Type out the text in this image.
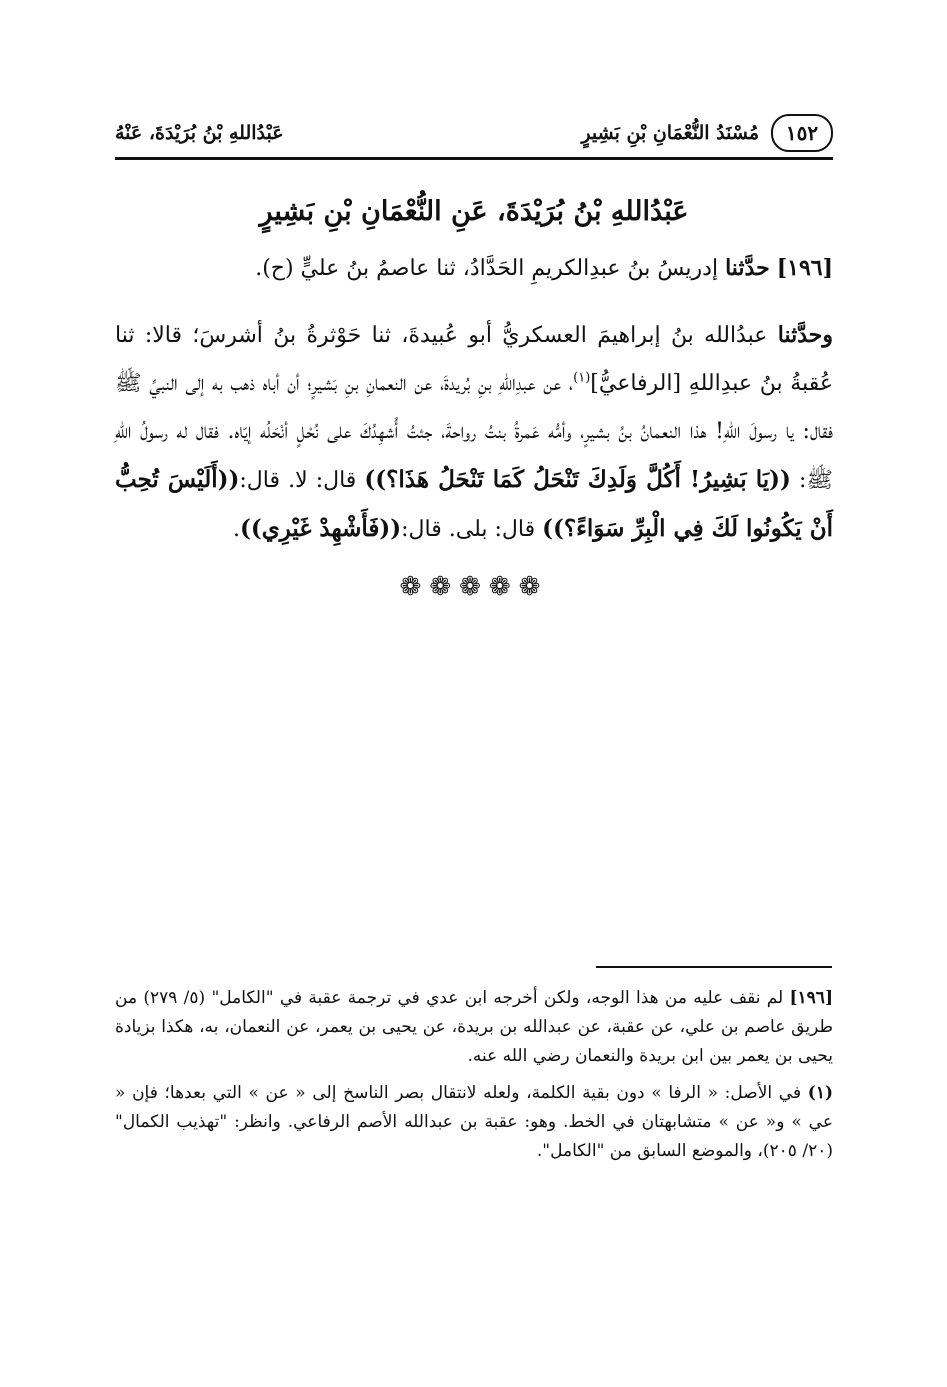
١٥٢
مُسْنَدُ النُّعْمَانِ بْنِ بَشِيرٍ
عَبْدُاللهِ بْنُ بُرَيْدَةَ، عَنْهُ
عَبْدُاللهِ بْنُ بُرَيْدَةَ، عَنِ النُّعْمَانِ بْنِ بَشِيرٍ

[١٩٦] حدَّثنا إدريسُ بنُ عبدِالكريمِ الحَدَّادُ، ثنا عاصمُ بنُ عليٍّ (ح).

وحدَّثنا عبدُالله بنُ إبراهيمَ العسكريُّ أبو عُبيدةَ، ثنا حَوْثرةُ بنُ أشرسَ؛ قالا: ثنا عُقبةُ بنُ عبدِاللهِ [الرفاعيُّ]$^{(١)}$، عن عبدِاللهِ بنِ بُريدةَ، عن النعمانِ بنِ بَشيرٍ؛ أن أباه ذهب به إلى النبيِّ ﷺ فقال: يا رسولَ اللهِ! هذا النعمانُ بنُ بشيرٍ، وأمُّه عَمرةُ بنتُ رواحةَ، جئتُ أُشهِدُكَ على نُحْلٍ أنْحَلُه إيّاه. فقال له رسولُ اللهِ ﷺ: ((يَا بَشِيرُ! أَكُلَّ وَلَدِكَ تَنْحَلُ كَمَا تَنْحَلُ هَذَا؟)) قال: لا. قال:((أَلَيْسَ تُحِبُّ أَنْ يَكُونُوا لَكَ فِي الْبِرِّ سَوَاءً؟)) قال: بلى. قال:((فَأَشْهِدْ غَيْرِي)).

❁❁❁❁❁

[١٩٦] لم نقف عليه من هذا الوجه، ولكن أخرجه ابن عدي في ترجمة عقبة في "الكامل" (٥/ ٢٧٩) من طريق عاصم بن علي، عن عقبة، عن عبدالله بن بريدة، عن يحيى بن يعمر، عن النعمان، به، هكذا بزيادة يحيى بن يعمر بين ابن بريدة والنعمان رضي الله عنه.

(١) في الأصل: « الرفا » دون بقية الكلمة، ولعله لانتقال بصر الناسخ إلى « عن » التي بعدها؛ فإن « عي » و« عن » متشابهتان في الخط. وهو: عقبة بن عبدالله الأصم الرفاعي. وانظر: "تهذيب الكمال" (٢٠/ ٢٠٥)، والموضع السابق من "الكامل".
